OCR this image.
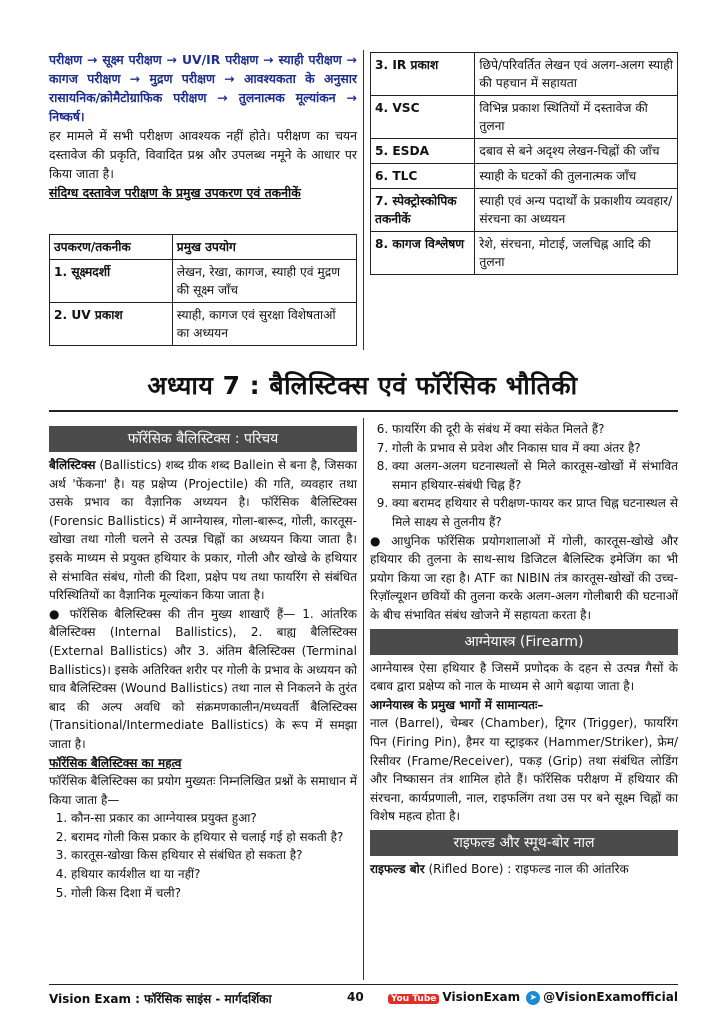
परीक्षण → सूक्ष्म परीक्षण → UV/IR परीक्षण → स्याही परीक्षण → कागज परीक्षण → मुद्रण परीक्षण → आवश्यकता के अनुसार रासायनिक/क्रोमैटोग्राफिक परीक्षण → तुलनात्मक मूल्यांकन → निष्कर्ष।
हर मामले में सभी परीक्षण आवश्यक नहीं होते। परीक्षण का चयन दस्तावेज की प्रकृति, विवादित प्रश्न और उपलब्ध नमूने के आधार पर किया जाता है।
संदिग्ध दस्तावेज परीक्षण के प्रमुख उपकरण एवं तकनीकें
उपकरण/तकनीक	प्रमुख उपयोग
1. सूक्ष्मदर्शी	लेखन, रेखा, कागज, स्याही एवं मुद्रण की सूक्ष्म जाँच
2. UV प्रकाश	स्याही, कागज एवं सुरक्षा विशेषताओं का अध्ययन
3. IR प्रकाश	छिपे/परिवर्तित लेखन एवं अलग-अलग स्याही की पहचान में सहायता
4. VSC	विभिन्न प्रकाश स्थितियों में दस्तावेज की तुलना
5. ESDA	दबाव से बने अदृश्य लेखन-चिह्नों की जाँच
6. TLC	स्याही के घटकों की तुलनात्मक जाँच
7. स्पेक्ट्रोस्कोपिक तकनीकें	स्याही एवं अन्य पदार्थों के प्रकाशीय व्यवहार/संरचना का अध्ययन
8. कागज विश्लेषण	रेशे, संरचना, मोटाई, जलचिह्न आदि की तुलना
अध्याय 7 : बैलिस्टिक्स एवं फॉरेंसिक भौतिकी
फॉरेंसिक बैलिस्टिक्स : परिचय
बैलिस्टिक्स (Ballistics) शब्द ग्रीक शब्द Ballein से बना है, जिसका अर्थ 'फेंकना' है। यह प्रक्षेप्य (Projectile) की गति, व्यवहार तथा उसके प्रभाव का वैज्ञानिक अध्ययन है। फॉरेंसिक बैलिस्टिक्स (Forensic Ballistics) में आग्नेयास्त्र, गोला-बारूद, गोली, कारतूस-खोखा तथा गोली चलने से उत्पन्न चिह्नों का अध्ययन किया जाता है। इसके माध्यम से प्रयुक्त हथियार के प्रकार, गोली और खोखे के हथियार से संभावित संबंध, गोली की दिशा, प्रक्षेप पथ तथा फायरिंग से संबंधित परिस्थितियों का वैज्ञानिक मूल्यांकन किया जाता है।
● फॉरेंसिक बैलिस्टिक्स की तीन मुख्य शाखाएँ हैं— 1. आंतरिक बैलिस्टिक्स (Internal Ballistics), 2. बाह्य बैलिस्टिक्स (External Ballistics) और 3. अंतिम बैलिस्टिक्स (Terminal Ballistics)। इसके अतिरिक्त शरीर पर गोली के प्रभाव के अध्ययन को घाव बैलिस्टिक्स (Wound Ballistics) तथा नाल से निकलने के तुरंत बाद की अल्प अवधि को संक्रमणकालीन/मध्यवर्ती बैलिस्टिक्स (Transitional/Intermediate Ballistics) के रूप में समझा जाता है।
फॉरेंसिक बैलिस्टिक्स का महत्व
फॉरेंसिक बैलिस्टिक्स का प्रयोग मुख्यतः निम्नलिखित प्रश्नों के समाधान में किया जाता है—
1. कौन-सा प्रकार का आग्नेयास्त्र प्रयुक्त हुआ?
2. बरामद गोली किस प्रकार के हथियार से चलाई गई हो सकती है?
3. कारतूस-खोखा किस हथियार से संबंधित हो सकता है?
4. हथियार कार्यशील था या नहीं?
5. गोली किस दिशा में चली?
6. फायरिंग की दूरी के संबंध में क्या संकेत मिलते हैं?
7. गोली के प्रभाव से प्रवेश और निकास घाव में क्या अंतर है?
8. क्या अलग-अलग घटनास्थलों से मिले कारतूस-खोखों में संभावित समान हथियार-संबंधी चिह्न हैं?
9. क्या बरामद हथियार से परीक्षण-फायर कर प्राप्त चिह्न घटनास्थल से मिले साक्ष्य से तुलनीय हैं?
● आधुनिक फॉरेंसिक प्रयोगशालाओं में गोली, कारतूस-खोखे और हथियार की तुलना के साथ-साथ डिजिटल बैलिस्टिक इमेजिंग का भी प्रयोग किया जा रहा है। ATF का NIBIN तंत्र कारतूस-खोखों की उच्च-रिज़ॉल्यूशन छवियों की तुलना करके अलग-अलग गोलीबारी की घटनाओं के बीच संभावित संबंध खोजने में सहायता करता है।
आग्नेयास्त्र (Firearm)
आग्नेयास्त्र ऐसा हथियार है जिसमें प्रणोदक के दहन से उत्पन्न गैसों के दबाव द्वारा प्रक्षेप्य को नाल के माध्यम से आगे बढ़ाया जाता है।
आग्नेयास्त्र के प्रमुख भागों में सामान्यतः–
नाल (Barrel), चेम्बर (Chamber), ट्रिगर (Trigger), फायरिंग पिन (Firing Pin), हैमर या स्ट्राइकर (Hammer/Striker), फ्रेम/रिसीवर (Frame/Receiver), पकड़ (Grip) तथा संबंधित लोडिंग और निष्कासन तंत्र शामिल होते हैं। फॉरेंसिक परीक्षण में हथियार की संरचना, कार्यप्रणाली, नाल, राइफलिंग तथा उस पर बने सूक्ष्म चिह्नों का विशेष महत्व होता है।
राइफल्ड और स्मूथ-बोर नाल
राइफल्ड बोर (Rifled Bore) : राइफल्ड नाल की आंतरिक
Vision Exam : फॉरेंसिक साइंस - मार्गदर्शिका	40	You Tube VisionExam ➤ @VisionExamofficial
